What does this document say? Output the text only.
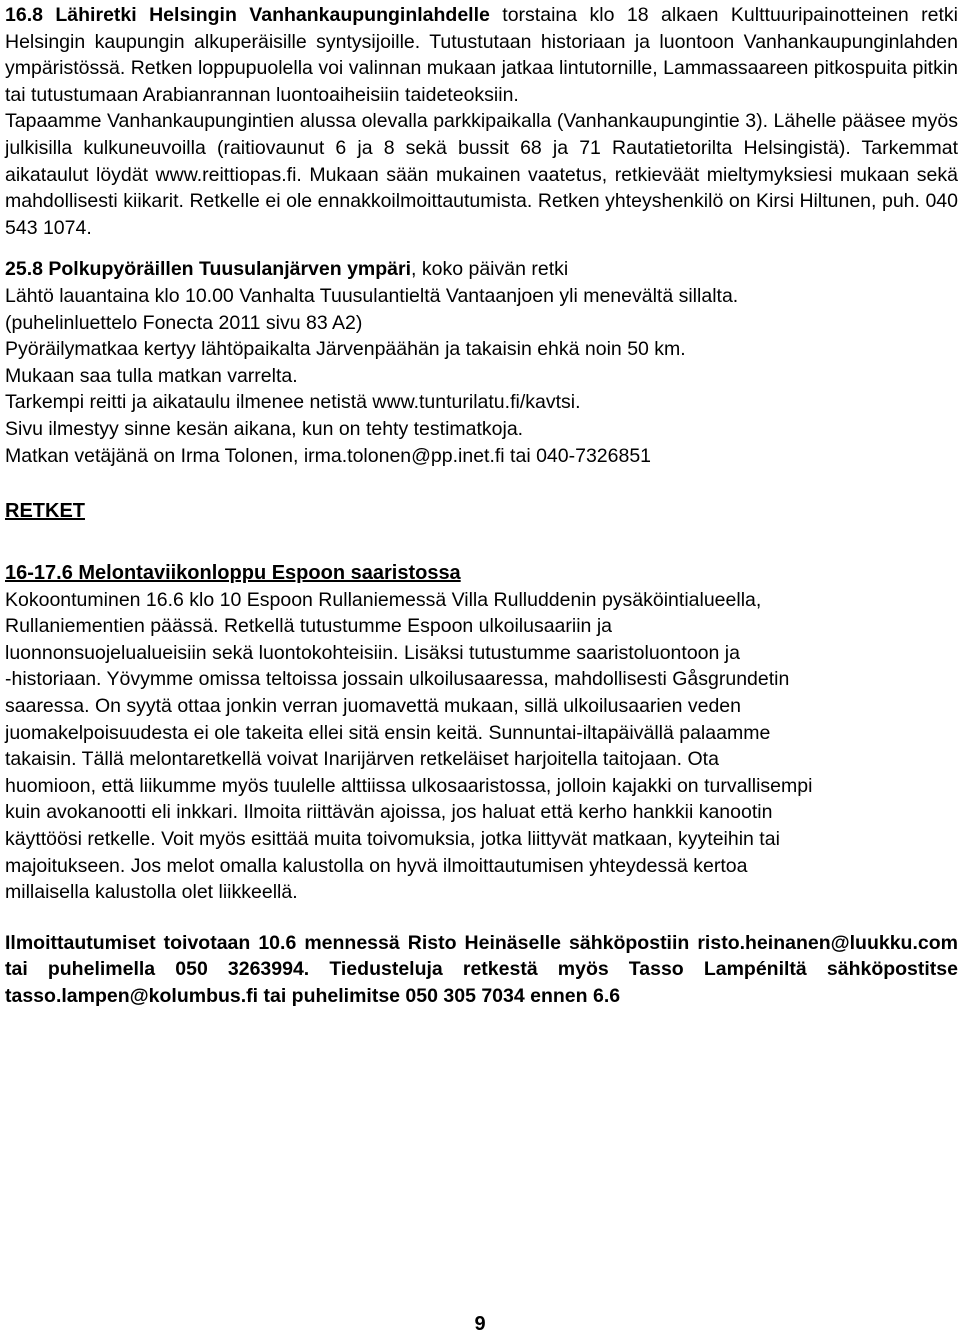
16.8 Lähiretki Helsingin Vanhankaupunginlahdelle torstaina klo 18 alkaen Kulttuuripainotteinen retki Helsingin kaupungin alkuperäisille syntysijoille. Tutustutaan historiaan ja luontoon Vanhankaupunginlahden ympäristössä. Retken loppupuolella voi valinnan mukaan jatkaa lintutornille, Lammassaareen pitkospuita pitkin tai tutustumaan Arabianrannan luontoaiheisiin taideteoksiin.

Tapaamme Vanhankaupungintien alussa olevalla parkkipaikalla (Vanhankaupungintie 3). Lähelle pääsee myös julkisilla kulkuneuvoilla (raitiovaunut 6 ja 8 sekä bussit 68 ja 71 Rautatietorilta Helsingistä). Tarkemmat aikataulut löydät www.reittiopas.fi. Mukaan sään mukainen vaatetus, retkieväät mieltymyksiesi mukaan sekä mahdollisesti kiikarit. Retkelle ei ole ennakkoilmoittautumista. Retken yhteyshenkilö on Kirsi Hiltunen, puh. 040 543 1074.

25.8 Polkupyöräillen Tuusulanjärven ympäri, koko päivän retki

Lähtö lauantaina klo 10.00 Vanhalta Tuusulantieltä Vantaanjoen yli menevältä sillalta.

(puhelinluettelo Fonecta 2011 sivu 83 A2)

Pyöräilymatkaa kertyy lähtöpaikalta Järvenpäähän ja takaisin ehkä noin 50 km.

Mukaan saa tulla matkan varrelta.

Tarkempi reitti ja aikataulu ilmenee netistä www.tunturilatu.fi/kavtsi.

Sivu ilmestyy sinne kesän aikana, kun on tehty testimatkoja.

Matkan vetäjänä on Irma Tolonen, irma.tolonen@pp.inet.fi tai 040-7326851

RETKET

16-17.6 Melontaviikonloppu Espoon saaristossa

Kokoontuminen 16.6 klo 10 Espoon Rullaniemessä Villa Rulluddenin pysäköintialueella,

Rullaniementien päässä. Retkellä tutustumme Espoon ulkoilusaariin ja

luonnonsuojelualueisiin sekä luontokohteisiin. Lisäksi tutustumme saaristoluontoon ja

-historiaan. Yövymme omissa teltoissa jossain ulkoilusaaressa, mahdollisesti Gåsgrundetin

saaressa. On syytä ottaa jonkin verran juomavettä mukaan, sillä ulkoilusaarien veden

juomakelpoisuudesta ei ole takeita ellei sitä ensin keitä. Sunnuntai-iltapäivällä palaamme

takaisin. Tällä melontaretkellä voivat Inarijärven retkeläiset harjoitella taitojaan. Ota

huomioon, että liikumme myös tuulelle alttiissa ulkosaaristossa, jolloin kajakki on turvallisempi

kuin avokanootti eli inkkari. Ilmoita riittävän ajoissa, jos haluat että kerho hankkii kanootin

käyttöösi retkelle. Voit myös esittää muita toivomuksia, jotka liittyvät matkaan, kyyteihin tai

majoitukseen. Jos melot omalla kalustolla on hyvä ilmoittautumisen yhteydessä kertoa

millaisella kalustolla olet liikkeellä.

Ilmoittautumiset toivotaan 10.6 mennessä Risto Heinäselle sähköpostiin risto.heinanen@luukku.com tai puhelimella 050 3263994. Tiedusteluja retkestä myös Tasso Lampéniltä sähköpostitse tasso.lampen@kolumbus.fi tai puhelimitse 050 305 7034 ennen 6.6
9
